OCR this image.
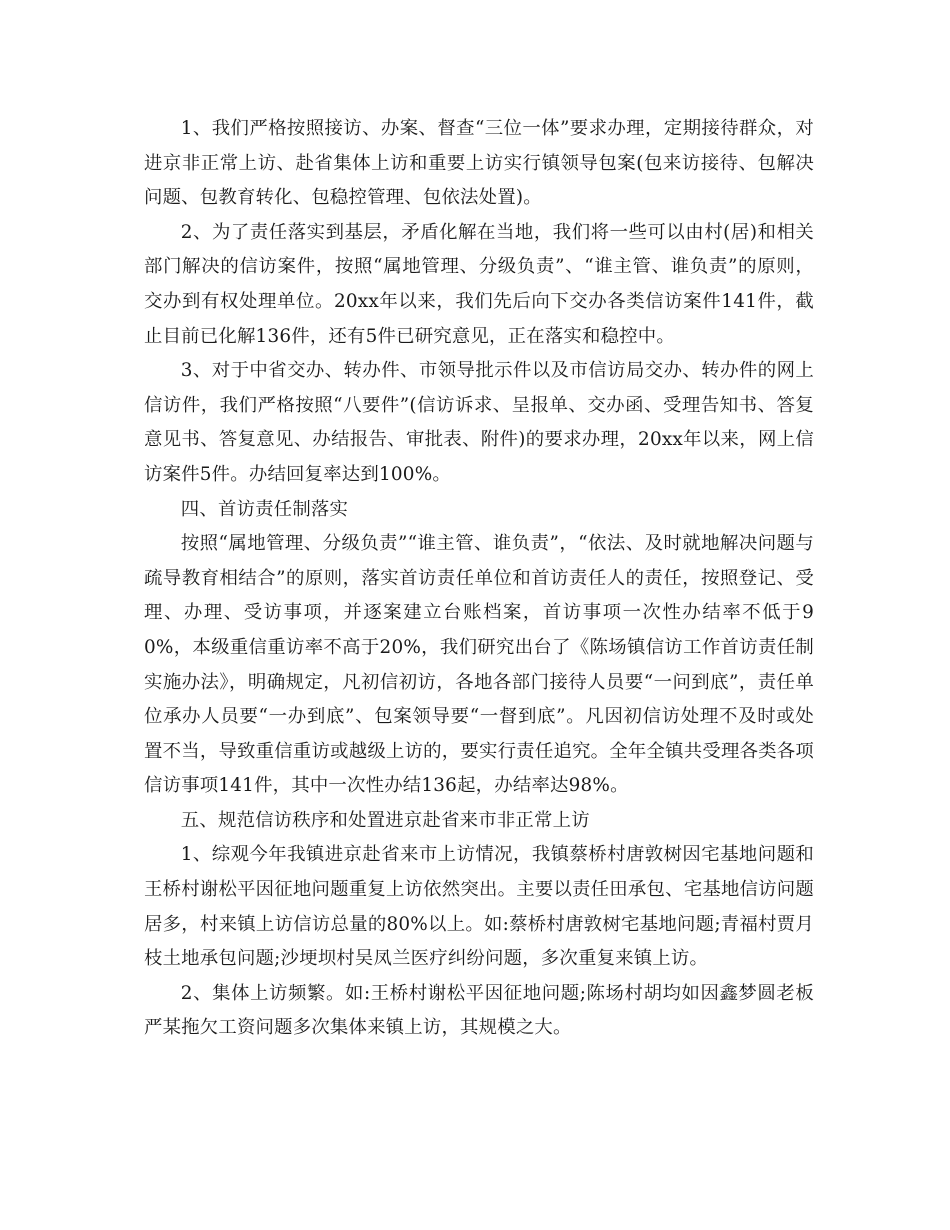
1、我们严格按照接访、办案、督查“三位一体”要求办理，定期接待群众，对进京非正常上访、赴省集体上访和重要上访实行镇领导包案(包来访接待、包解决问题、包教育转化、包稳控管理、包依法处置)。

2、为了责任落实到基层，矛盾化解在当地，我们将一些可以由村(居)和相关部门解决的信访案件，按照“属地管理、分级负责”、“谁主管、谁负责”的原则，交办到有权处理单位。20xx年以来，我们先后向下交办各类信访案件141件，截止目前已化解136件，还有5件已研究意见，正在落实和稳控中。

3、对于中省交办、转办件、市领导批示件以及市信访局交办、转办件的网上信访件，我们严格按照“八要件”(信访诉求、呈报单、交办函、受理告知书、答复意见书、答复意见、办结报告、审批表、附件)的要求办理，20xx年以来，网上信访案件5件。办结回复率达到100%。

四、首访责任制落实

按照“属地管理、分级负责”“谁主管、谁负责”，“依法、及时就地解决问题与疏导教育相结合”的原则，落实首访责任单位和首访责任人的责任，按照登记、受理、办理、受访事项，并逐案建立台账档案，首访事项一次性办结率不低于90%，本级重信重访率不高于20%，我们研究出台了《陈场镇信访工作首访责任制实施办法》，明确规定，凡初信初访，各地各部门接待人员要“一问到底”，责任单位承办人员要“一办到底”、包案领导要“一督到底”。凡因初信访处理不及时或处置不当，导致重信重访或越级上访的，要实行责任追究。全年全镇共受理各类各项信访事项141件，其中一次性办结136起，办结率达98%。

五、规范信访秩序和处置进京赴省来市非正常上访

1、综观今年我镇进京赴省来市上访情况，我镇蔡桥村唐敦树因宅基地问题和王桥村谢松平因征地问题重复上访依然突出。主要以责任田承包、宅基地信访问题居多，村来镇上访信访总量的80%以上。如:蔡桥村唐敦树宅基地问题;青福村贾月枝土地承包问题;沙埂坝村吴凤兰医疗纠纷问题，多次重复来镇上访。

2、集体上访频繁。如:王桥村谢松平因征地问题;陈场村胡均如因鑫梦圆老板严某拖欠工资问题多次集体来镇上访，其规模之大。
